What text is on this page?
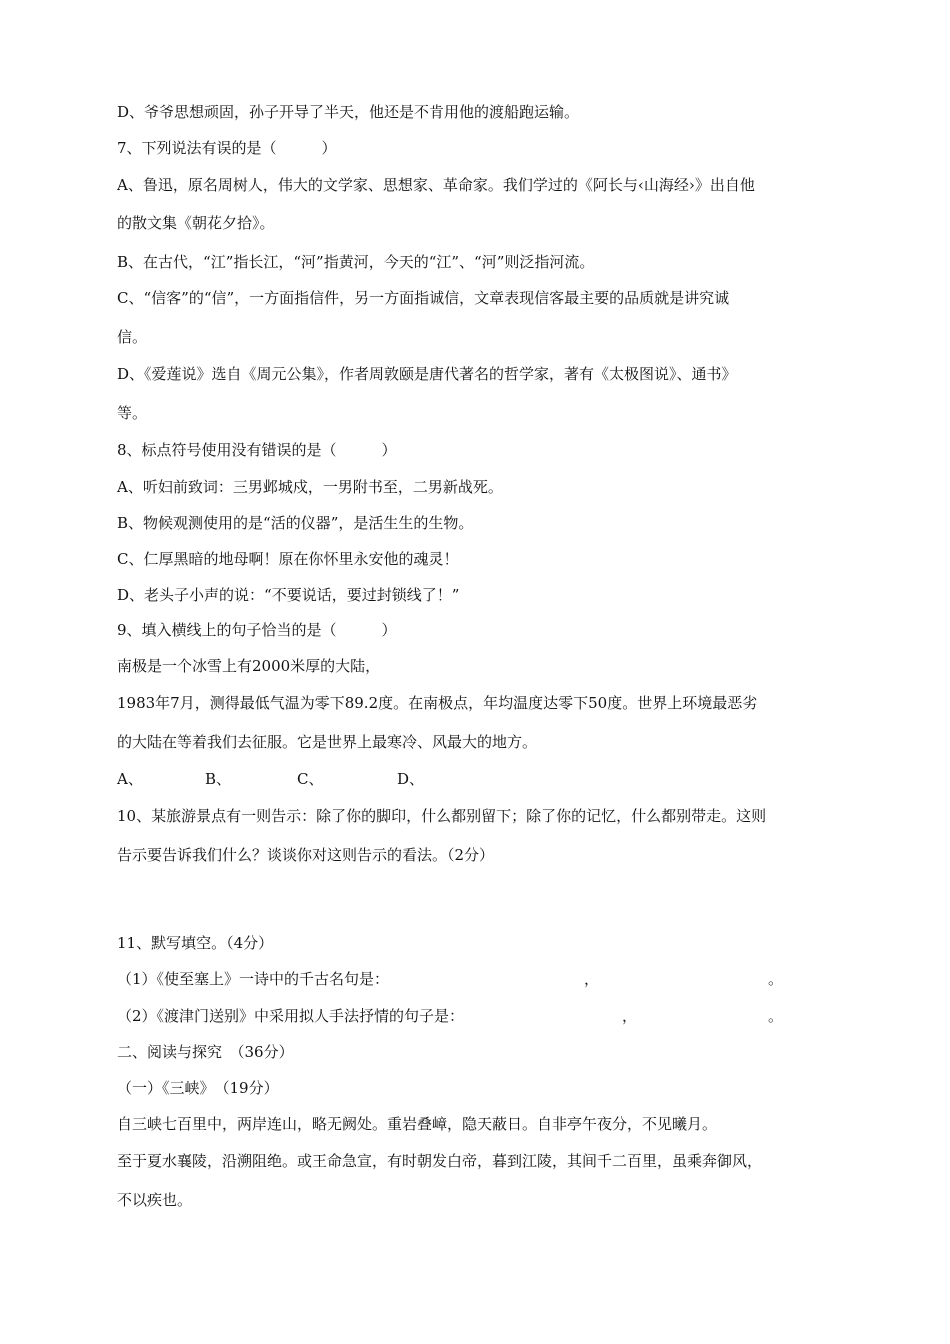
D、爷爷思想顽固，孙子开导了半天，他还是不肯用他的渡船跑运输。
7、下列说法有误的是（　　　）
A、鲁迅，原名周树人，伟大的文学家、思想家、革命家。我们学过的《阿长与‹山海经›》出自他
的散文集《朝花夕拾》。
B、在古代，“江”指长江，“河”指黄河，今天的“江”、“河”则泛指河流。
C、“信客”的“信”，一方面指信件，另一方面指诚信，文章表现信客最主要的品质就是讲究诚
信。
D、《爱莲说》选自《周元公集》，作者周敦颐是唐代著名的哲学家，著有《太极图说》、通书》
等。
8、标点符号使用没有错误的是（　　　）
A、听妇前致词：三男邺城戍，一男附书至，二男新战死。
B、物候观测使用的是“活的仪器”，是活生生的生物。
C、仁厚黑暗的地母啊！原在你怀里永安他的魂灵！
D、老头子小声的说：“不要说话，要过封锁线了！”
9、填入横线上的句子恰当的是（　　　）
南极是一个冰雪上有2000米厚的大陆，
1983年7月，测得最低气温为零下89.2度。在南极点，年均温度达零下50度。世界上环境最恶劣
的大陆在等着我们去征服。它是世界上最寒冷、风最大的地方。
A、	B、	C、	D、
10、某旅游景点有一则告示：除了你的脚印，什么都别留下；除了你的记忆，什么都别带走。这则
告示要告诉我们什么？谈谈你对这则告示的看法。（2分）
11、默写填空。（4分）
（1）《使至塞上》一诗中的千古名句是：	，	。
（2）《渡津门送别》中采用拟人手法抒情的句子是：	，	。
二、阅读与探究　（36分）
（一）《三峡》　（19分）
自三峡七百里中，两岸连山，略无阙处。重岩叠嶂，隐天蔽日。自非亭午夜分，不见曦月。
至于夏水襄陵，沿溯阻绝。或王命急宣，有时朝发白帝，暮到江陵，其间千二百里，虽乘奔御风，
不以疾也。
